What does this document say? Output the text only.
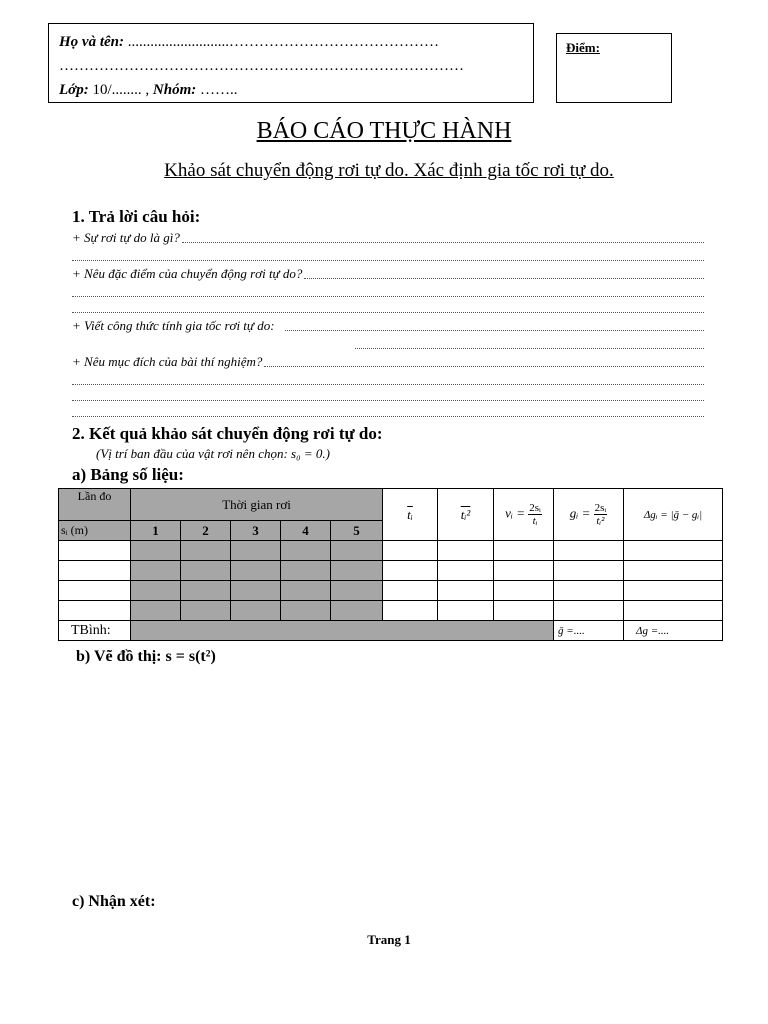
Họ và tên: ...........................……………………………………
………………………………………………………………………
Lớp: 10/........ , Nhóm: ……..
Điểm:
BÁO CÁO THỰC HÀNH
Khảo sát chuyển động rơi tự do. Xác định gia tốc rơi tự do.
1. Trả lời câu hỏi:
+ Sự rơi tự do là gì?
+ Nêu đặc điểm của chuyển động rơi tự do?
+ Viết công thức tính gia tốc rơi tự do:
+ Nêu mục đích của bài thí nghiệm?
2. Kết quả khảo sát chuyển động rơi tự do:
(Vị trí ban đầu của vật rơi nên chọn: s₀ = 0.)
a) Bảng số liệu:
Lần đo	Thời gian rơi					$\overline{tᵢ}$	tᵢ²	vᵢ = $\frac{\text{2sᵢ}}{\text{tᵢ}}$	gᵢ = $\frac{\text{2sᵢ}}{\text{tᵢ²}}$	Δgᵢ = |ḡ − gᵢ|
sᵢ (m)	1	2	3	4	5					

TBình:									ḡ =....	Δg =....
b) Vẽ đồ thị: s = s(t²)
c) Nhận xét:
Trang 1
